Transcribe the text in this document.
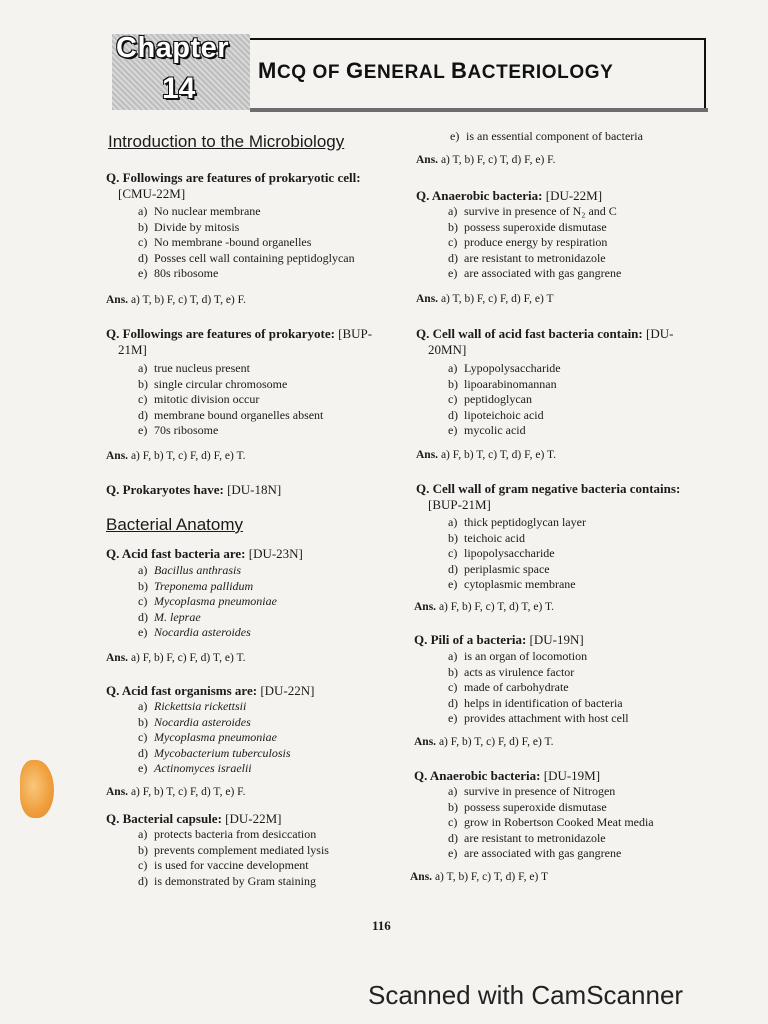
Chapter
14
MCQ OF GENERAL BACTERIOLOGY
Introduction to the Microbiology
Q. Followings are features of prokaryotic cell:
[CMU-22M]
a) No nuclear membrane
b) Divide by mitosis
c) No membrane -bound organelles
d) Posses cell wall containing peptidoglycan
e) 80s ribosome
Ans. a) T, b) F, c) T, d) T, e) F.
Q. Followings are features of prokaryote: [BUP-
21M]
a) true nucleus present
b) single circular chromosome
c) mitotic division occur
d) membrane bound organelles absent
e) 70s ribosome
Ans. a) F, b) T, c) F, d) F, e) T.
Q. Prokaryotes have: [DU-18N]
Bacterial Anatomy
Q. Acid fast bacteria are: [DU-23N]
a) Bacillus anthrasis
b) Treponema pallidum
c) Mycoplasma pneumoniae
d) M. leprae
e) Nocardia asteroides
Ans. a) F, b) F, c) F, d) T, e) T.
Q. Acid fast organisms are: [DU-22N]
a) Rickettsia rickettsii
b) Nocardia asteroides
c) Mycoplasma pneumoniae
d) Mycobacterium tuberculosis
e) Actinomyces israelii
Ans. a) F, b) T, c) F, d) T, e) F.
Q. Bacterial capsule: [DU-22M]
a) protects bacteria from desiccation
b) prevents complement mediated lysis
c) is used for vaccine development
d) is demonstrated by Gram staining
e) is an essential component of bacteria
Ans. a) T, b) F, c) T, d) F, e) F.
Q. Anaerobic bacteria: [DU-22M]
a) survive in presence of N₂ and C
b) possess superoxide dismutase
c) produce energy by respiration
d) are resistant to metronidazole
e) are associated with gas gangrene
Ans. a) T, b) F, c) F, d) F, e) T
Q. Cell wall of acid fast bacteria contain: [DU-
20MN]
a) Lypopolysaccharide
b) lipoarabinomannan
c) peptidoglycan
d) lipoteichoic acid
e) mycolic acid
Ans. a) F, b) T, c) T, d) F, e) T.
Q. Cell wall of gram negative bacteria contains:
[BUP-21M]
a) thick peptidoglycan layer
b) teichoic acid
c) lipopolysaccharide
d) periplasmic space
e) cytoplasmic membrane
Ans. a) F, b) F, c) T, d) T, e) T.
Q. Pili of a bacteria: [DU-19N]
a) is an organ of locomotion
b) acts as virulence factor
c) made of carbohydrate
d) helps in identification of bacteria
e) provides attachment with host cell
Ans. a) F, b) T, c) F, d) F, e) T.
Q. Anaerobic bacteria: [DU-19M]
a) survive in presence of Nitrogen
b) possess superoxide dismutase
c) grow in Robertson Cooked Meat media
d) are resistant to metronidazole
e) are associated with gas gangrene
Ans. a) T, b) F, c) T, d) F, e) T
116
Scanned with CamScanner
